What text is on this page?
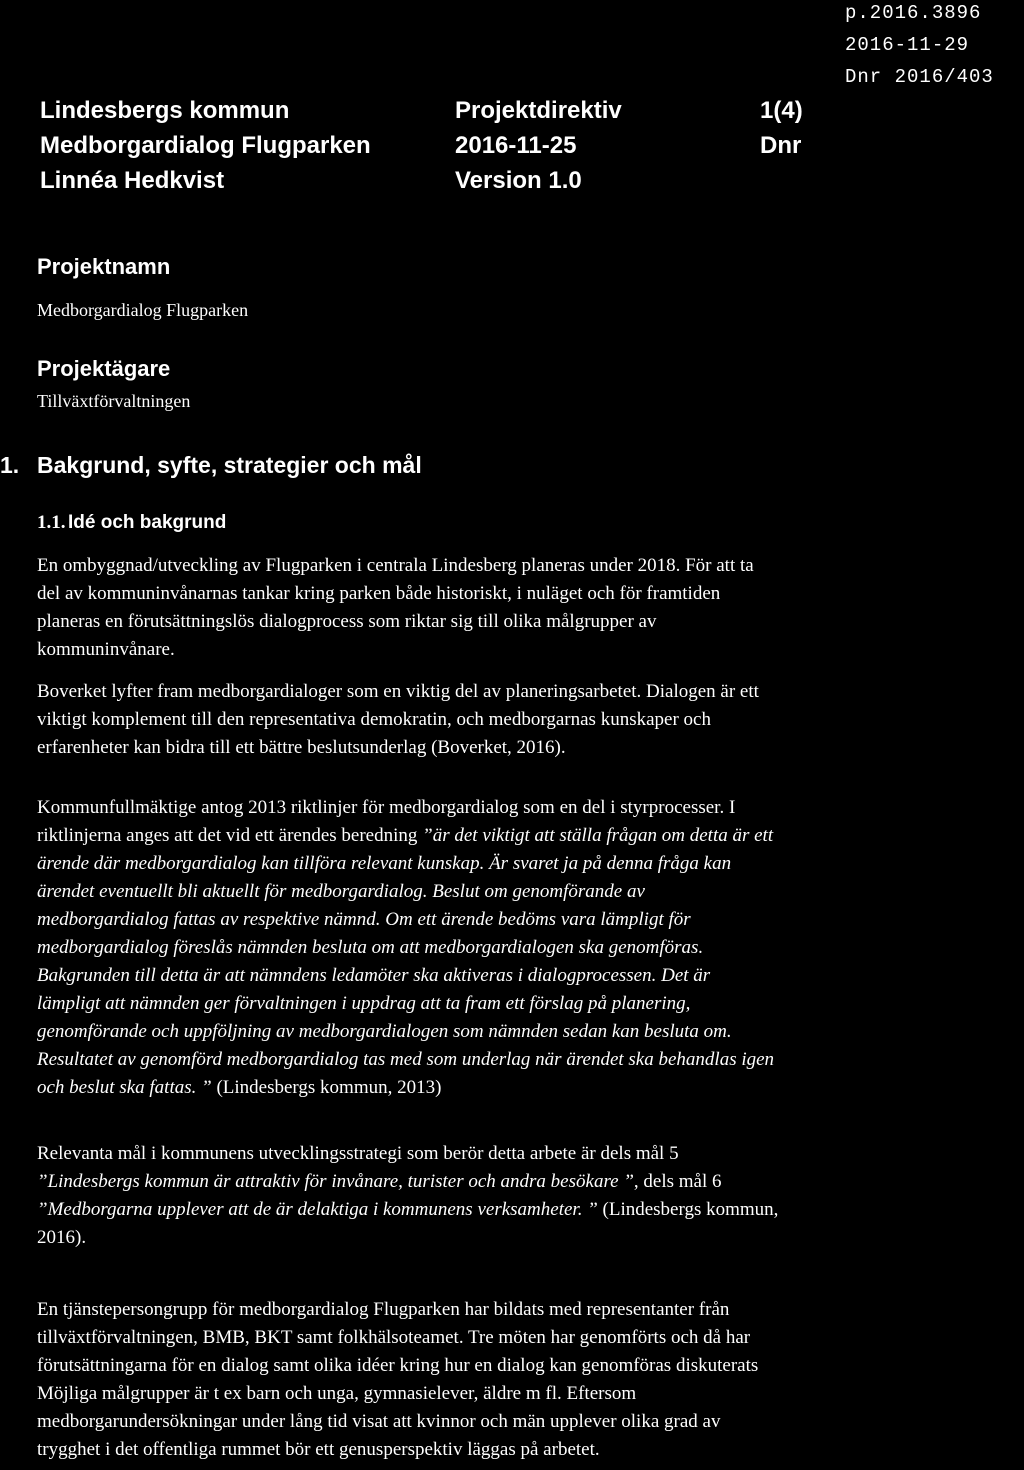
p.2016.3896
2016-11-29
Dnr 2016/403
Lindesbergs kommun
Medborgardialog Flugparken
Linnéa Hedkvist
Projektdirektiv
2016-11-25
Version 1.0
1(4)
Dnr
Projektnamn
Medborgardialog Flugparken
Projektägare
Tillväxtförvaltningen
1. Bakgrund, syfte, strategier och mål
1.1. Idé och bakgrund
En ombyggnad/utveckling av Flugparken i centrala Lindesberg planeras under 2018. För att ta
del av kommuninvånarnas tankar kring parken både historiskt, i nuläget och för framtiden
planeras en förutsättningslös dialogprocess som riktar sig till olika målgrupper av
kommuninvånare.
Boverket lyfter fram medborgardialoger som en viktig del av planeringsarbetet. Dialogen är ett
viktigt komplement till den representativa demokratin, och medborgarnas kunskaper och
erfarenheter kan bidra till ett bättre beslutsunderlag (Boverket, 2016).
Kommunfullmäktige antog 2013 riktlinjer för medborgardialog som en del i styrprocesser. I
riktlinjerna anges att det vid ett ärendes beredning ”är det viktigt att ställa frågan om detta är ett
ärende där medborgardialog kan tillföra relevant kunskap. Är svaret ja på denna fråga kan
ärendet eventuellt bli aktuellt för medborgardialog. Beslut om genomförande av
medborgardialog fattas av respektive nämnd. Om ett ärende bedöms vara lämpligt för
medborgardialog föreslås nämnden besluta om att medborgardialogen ska genomföras.
Bakgrunden till detta är att nämndens ledamöter ska aktiveras i dialogprocessen. Det är
lämpligt att nämnden ger förvaltningen i uppdrag att ta fram ett förslag på planering,
genomförande och uppföljning av medborgardialogen som nämnden sedan kan besluta om.
Resultatet av genomförd medborgardialog tas med som underlag när ärendet ska behandlas igen
och beslut ska fattas. ” (Lindesbergs kommun, 2013)
Relevanta mål i kommunens utvecklingsstrategi som berör detta arbete är dels mål 5
”Lindesbergs kommun är attraktiv för invånare, turister och andra besökare ”, dels mål 6
”Medborgarna upplever att de är delaktiga i kommunens verksamheter. ” (Lindesbergs kommun,
2016).
En tjänstepersongrupp för medborgardialog Flugparken har bildats med representanter från
tillväxtförvaltningen, BMB, BKT samt folkhälsoteamet. Tre möten har genomförts och då har
förutsättningarna för en dialog samt olika idéer kring hur en dialog kan genomföras diskuterats
Möjliga målgrupper är t ex barn och unga, gymnasielever, äldre m fl. Eftersom
medborgarundersökningar under lång tid visat att kvinnor och män upplever olika grad av
trygghet i det offentliga rummet bör ett genusperspektiv läggas på arbetet.
